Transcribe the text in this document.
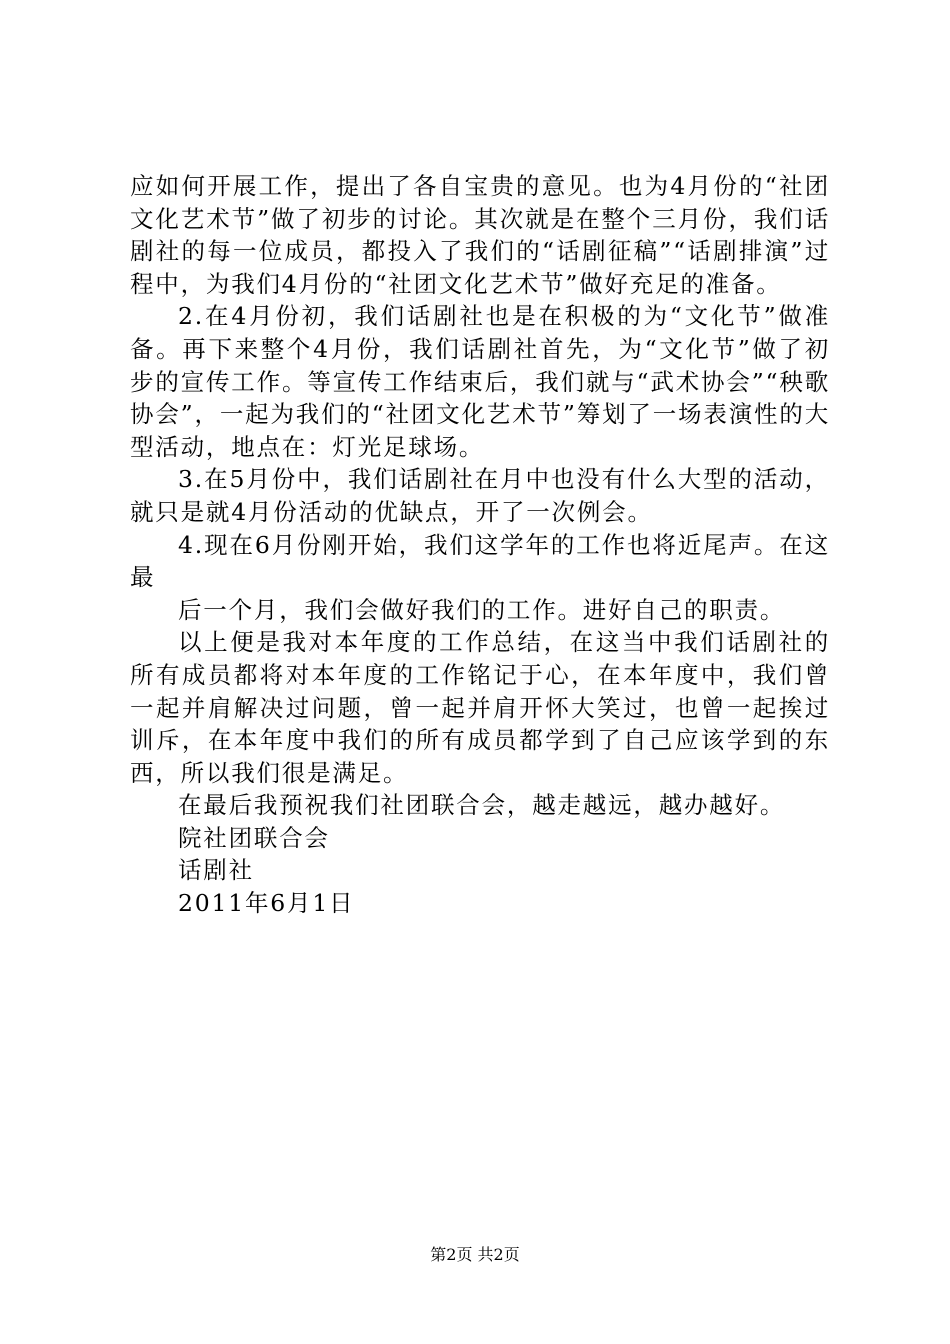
应如何开展工作，提出了各自宝贵的意见。也为4月份的“社团文化艺术节”做了初步的讨论。其次就是在整个三月份，我们话剧社的每一位成员，都投入了我们的“话剧征稿”“话剧排演”过程中，为我们4月份的“社团文化艺术节”做好充足的准备。

2.在4月份初，我们话剧社也是在积极的为“文化节”做准备。再下来整个4月份，我们话剧社首先，为“文化节”做了初步的宣传工作。等宣传工作结束后，我们就与“武术协会”“秧歌协会”，一起为我们的“社团文化艺术节”筹划了一场表演性的大型活动，地点在：灯光足球场。

3.在5月份中，我们话剧社在月中也没有什么大型的活动，就只是就4月份活动的优缺点，开了一次例会。

4.现在6月份刚开始，我们这学年的工作也将近尾声。在这最

后一个月，我们会做好我们的工作。进好自己的职责。

以上便是我对本年度的工作总结，在这当中我们话剧社的所有成员都将对本年度的工作铭记于心，在本年度中，我们曾一起并肩解决过问题，曾一起并肩开怀大笑过，也曾一起挨过训斥，在本年度中我们的所有成员都学到了自己应该学到的东西，所以我们很是满足。

在最后我预祝我们社团联合会，越走越远，越办越好。

院社团联合会

话剧社

2011年6月1日

第2页 共2页
